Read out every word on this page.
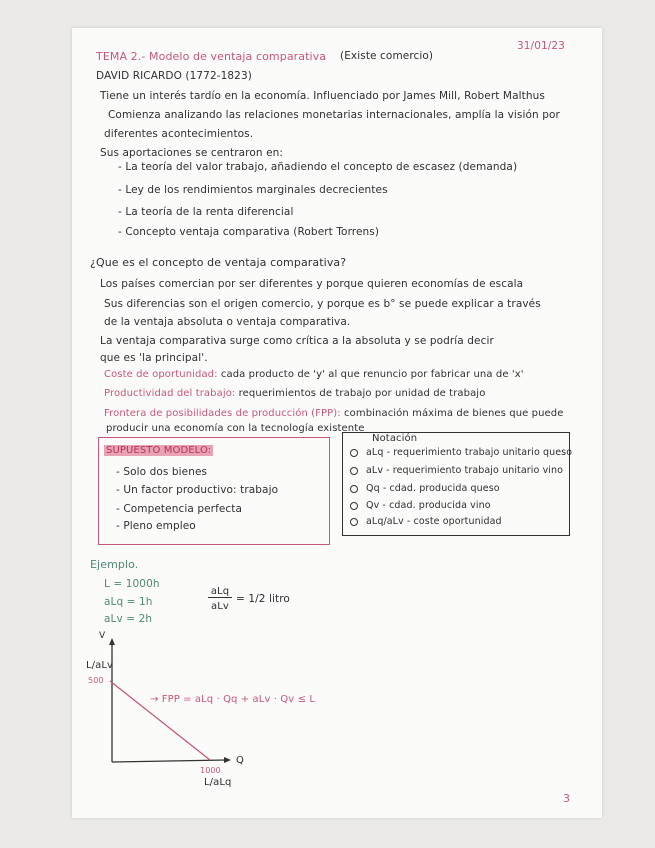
31/01/23
TEMA 2.- Modelo de ventaja comparativa (Existe comercio)
DAVID RICARDO (1772-1823)
Tiene un interés tardío en la economía. Influenciado por James Mill, Robert Malthus
Comienza analizando las relaciones monetarias internacionales, amplía la visión por
diferentes acontecimientos.
Sus aportaciones se centraron en:
- La teoría del valor trabajo, añadiendo el concepto de escasez (demanda)
- Ley de los rendimientos marginales decrecientes
- La teoría de la renta diferencial
- Concepto ventaja comparativa (Robert Torrens)
¿Que es el concepto de ventaja comparativa?
Los países comercian por ser diferentes y porque quieren economías de escala
Sus diferencias son el origen comercio, y porque es b° se puede explicar a través
de la ventaja absoluta o ventaja comparativa.
La ventaja comparativa surge como crítica a la absoluta y se podría decir
que es 'la principal'.
Coste de oportunidad: cada producto de 'y' al que renuncio por fabricar una de 'x'
Productividad del trabajo: requerimientos de trabajo por unidad de trabajo
Frontera de posibilidades de producción (FPP): combinación máxima de bienes que puede
producir una economía con la tecnología existente
SUPUESTO MODELO:
- Solo dos bienes
- Un factor productivo: trabajo
- Competencia perfecta
- Pleno empleo
Notación
aLq - requerimiento trabajo unitario queso
aLv - requerimiento trabajo unitario vino
Qq - cdad. producida queso
Qv - cdad. producida vino
aLq/aLv - coste oportunidad
Ejemplo.
L = 1000h
aLq = 1h
aLv = 2h
aLq
aLv
= 1/2 litro
V
Q
L/aLv
500
1000
L/aLq
→ FPP = aLq · Qq + aLv · Qv ≤ L
3
